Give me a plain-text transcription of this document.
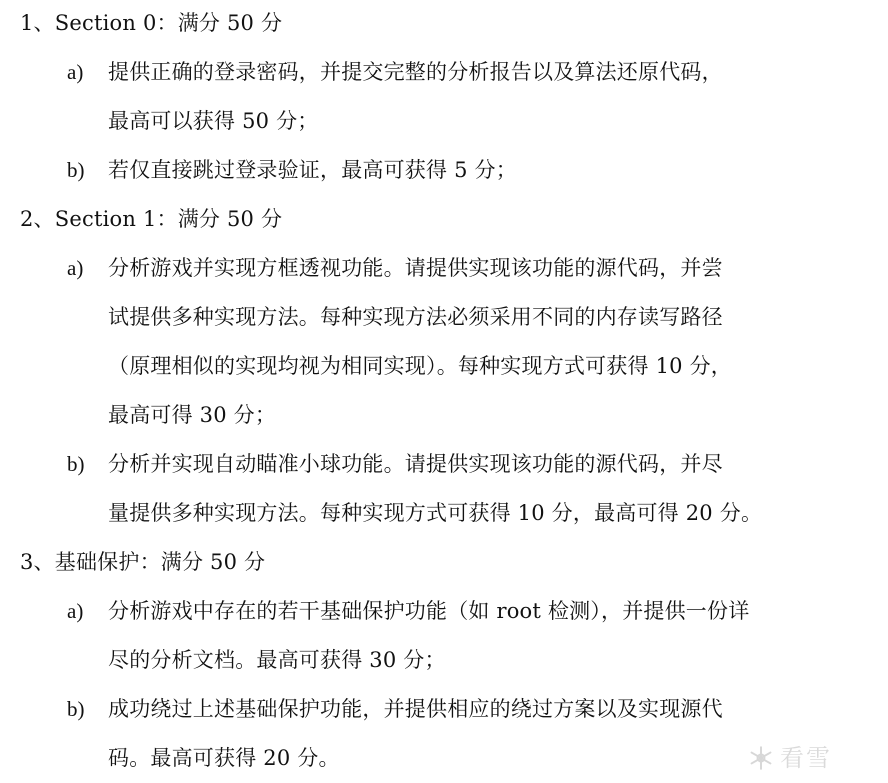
1、Section 0：满分 50 分
a) 提供正确的登录密码，并提交完整的分析报告以及算法还原代码，
最高可以获得 50 分；
b) 若仅直接跳过登录验证，最高可获得 5 分；
2、Section 1：满分 50 分
a) 分析游戏并实现方框透视功能。请提供实现该功能的源代码，并尝
试提供多种实现方法。每种实现方法必须采用不同的内存读写路径
（原理相似的实现均视为相同实现）。每种实现方式可获得 10 分，
最高可得 30 分；
b) 分析并实现自动瞄准小球功能。请提供实现该功能的源代码，并尽
量提供多种实现方法。每种实现方式可获得 10 分，最高可得 20 分。
3、基础保护：满分 50 分
a) 分析游戏中存在的若干基础保护功能（如 root 检测），并提供一份详
尽的分析文档。最高可获得 30 分；
b) 成功绕过上述基础保护功能，并提供相应的绕过方案以及实现源代
码。最高可获得 20 分。	看雪
